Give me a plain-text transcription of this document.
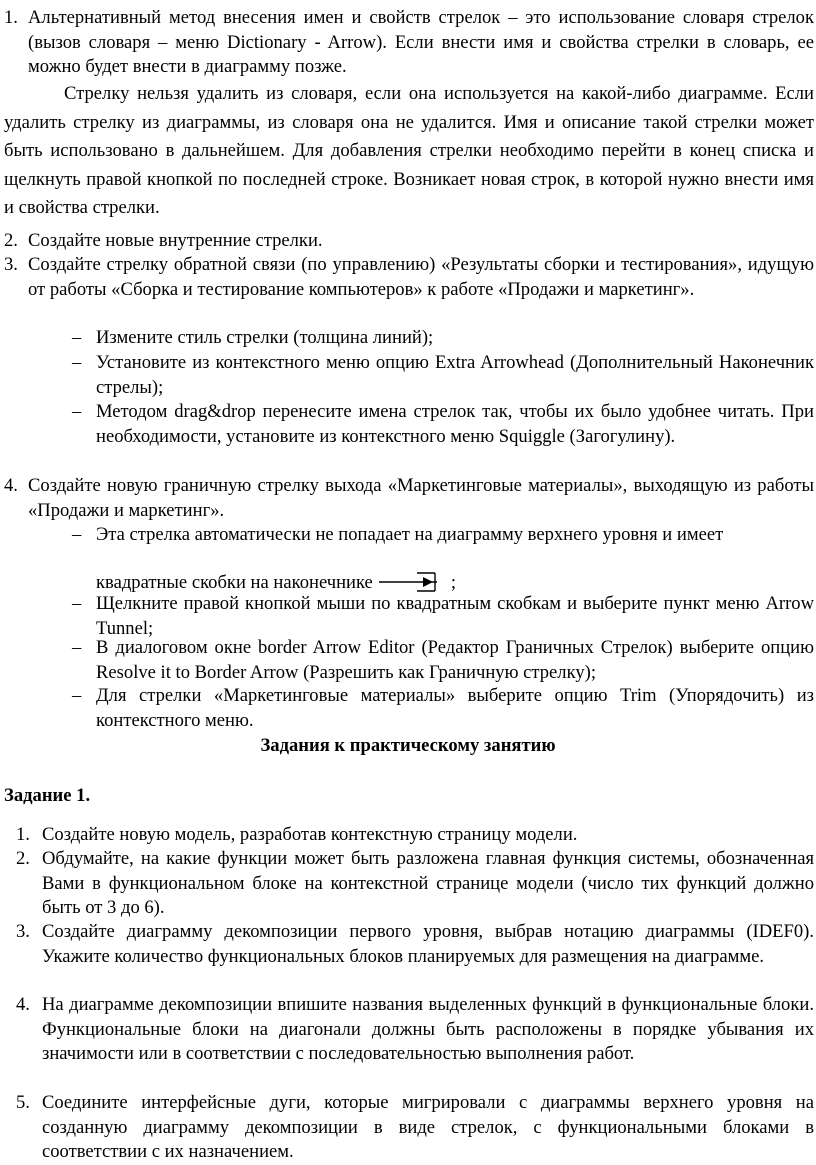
1. Альтернативный метод внесения имен и свойств стрелок – это использование словаря стрелок (вызов словаря – меню Dictionary - Arrow). Если внести имя и свойства стрелки в словарь, ее можно будет внести в диаграмму позже.
Стрелку нельзя удалить из словаря, если она используется на какой-либо диаграмме. Если удалить стрелку из диаграммы, из словаря она не удалится. Имя и описание такой стрелки может быть использовано в дальнейшем. Для добавления стрелки необходимо перейти в конец списка и щелкнуть правой кнопкой по последней строке. Возникает новая строк, в которой нужно внести имя и свойства стрелки.
2. Создайте новые внутренние стрелки.
3. Создайте стрелку обратной связи (по управлению) «Результаты сборки и тестирования», идущую от работы «Сборка и тестирование компьютеров» к работе «Продажи и маркетинг».
– Измените стиль стрелки (толщина линий);
– Установите из контекстного меню опцию Extra Arrowhead (Дополнительный Наконечник стрелы);
– Методом drag&drop перенесите имена стрелок так, чтобы их было удобнее читать. При необходимости, установите из контекстного меню Squiggle (Загогулину).
4. Создайте новую граничную стрелку выхода «Маркетинговые материалы», выходящую из работы «Продажи и маркетинг».
– Эта стрелка автоматически не попадает на диаграмму верхнего уровня и имеет
квадратные скобки на наконечнике	;
– Щелкните правой кнопкой мыши по квадратным скобкам и выберите пункт меню Arrow Tunnel;
– В диалоговом окне border Arrow Editor (Редактор Граничных Стрелок) выберите опцию Resolve it to Border Arrow (Разрешить как Граничную стрелку);
– Для стрелки «Маркетинговые материалы» выберите опцию Trim (Упорядочить) из контекстного меню.
Задания к практическому занятию
Задание 1.
1. Создайте новую модель, разработав контекстную страницу модели.
2. Обдумайте, на какие функции может быть разложена главная функция системы, обозначенная Вами в функциональном блоке на контекстной странице модели (число тих функций должно быть от 3 до 6).
3. Создайте диаграмму декомпозиции первого уровня, выбрав нотацию диаграммы (IDEF0). Укажите количество функциональных блоков планируемых для размещения на диаграмме.
4. На диаграмме декомпозиции впишите названия выделенных функций в функциональные блоки. Функциональные блоки на диагонали должны быть расположены в порядке убывания их значимости или в соответствии с последовательностью выполнения работ.
5. Соедините интерфейсные дуги, которые мигрировали с диаграммы верхнего уровня на созданную диаграмму декомпозиции в виде стрелок, с функциональными блоками в соответствии с их назначением.
